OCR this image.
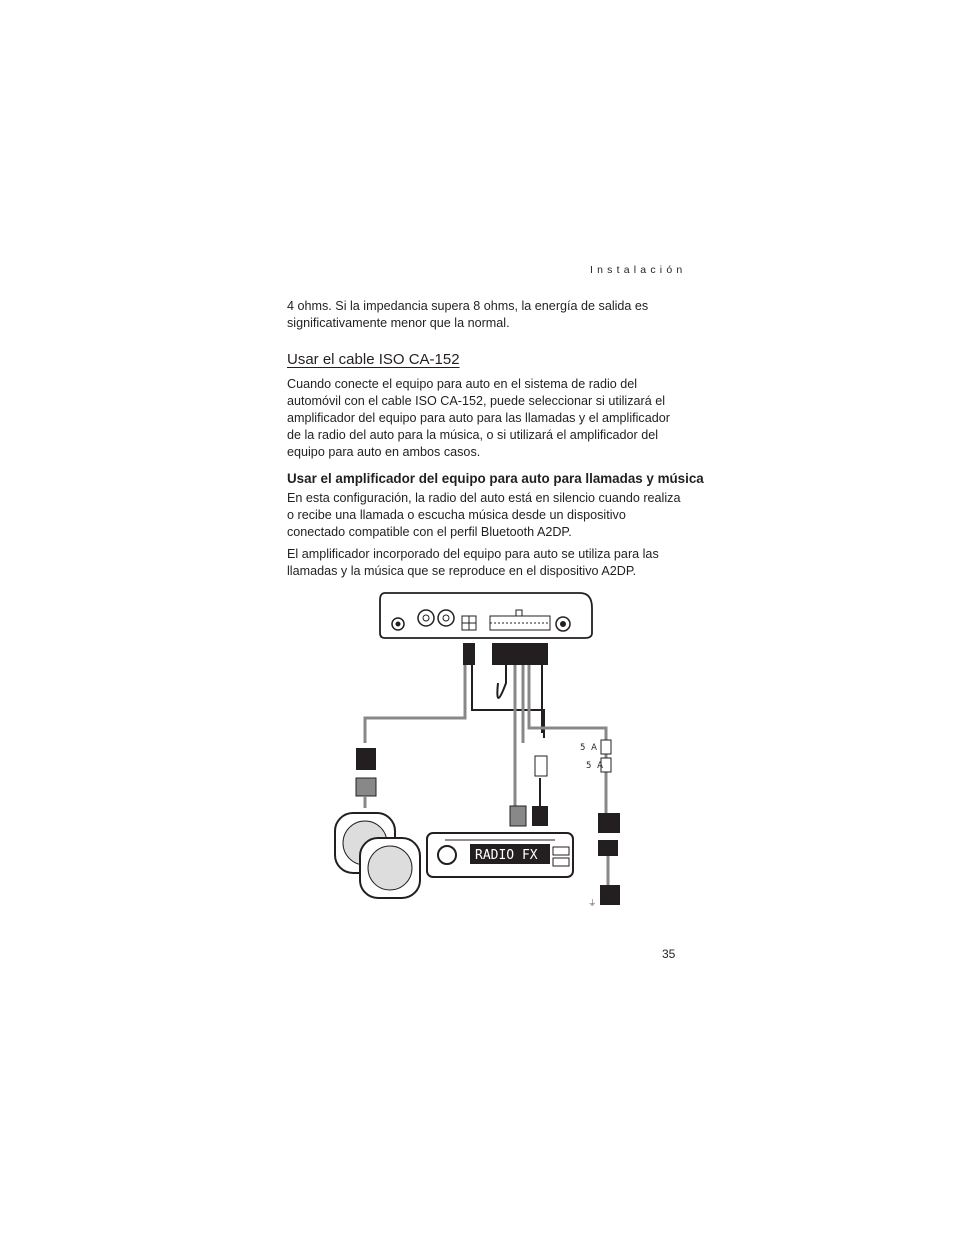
Instalación

4 ohms. Si la impedancia supera 8 ohms, la energía de salida es significativamente menor que la normal.

Usar el cable ISO CA-152

Cuando conecte el equipo para auto en el sistema de radio del automóvil con el cable ISO CA-152, puede seleccionar si utilizará el amplificador del equipo para auto para las llamadas y el amplificador de la radio del auto para la música, o si utilizará el amplificador del equipo para auto en ambos casos.

Usar el amplificador del equipo para auto para llamadas y música

En esta configuración, la radio del auto está en silencio cuando realiza o recibe una llamada o escucha música desde un dispositivo conectado compatible con el perfil Bluetooth A2DP.

El amplificador incorporado del equipo para auto se utiliza para las llamadas y la música que se reproduce en el dispositivo A2DP.

5 A
5 A
RADIO FX
⏚
35
